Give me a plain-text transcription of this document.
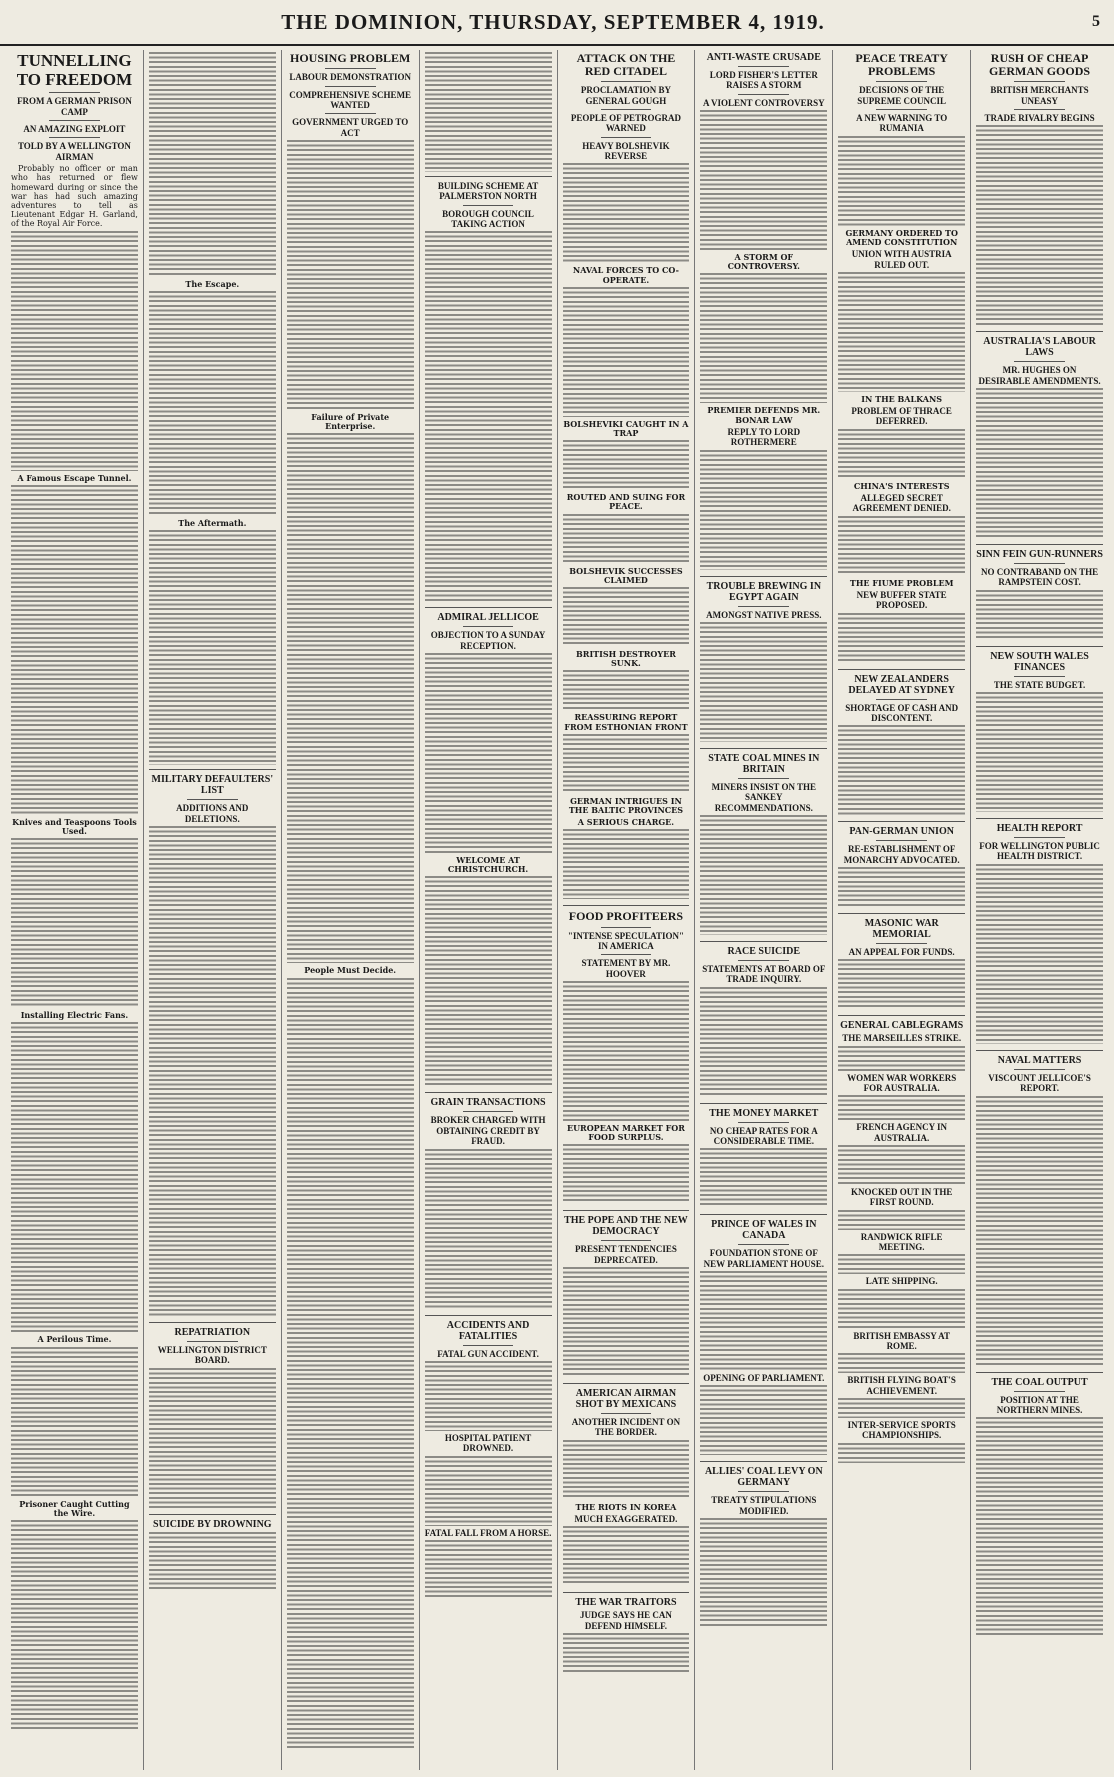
THE DOMINION, THURSDAY, SEPTEMBER 4, 1919.	5
TUNNELLING TO FREEDOM
FROM A GERMAN PRISON CAMP
AN AMAZING EXPLOIT
TOLD BY A WELLINGTON AIRMAN

Probably no officer or man who has returned or flew homeward during or since the war has had such amazing adventures to tell as Lieutenant Edgar H. Garland, of the Royal Air Force.

A Famous Escape Tunnel.
Knives and Teaspoons Tools Used.
Installing Electric Fans.
A Perilous Time.
Prisoner Caught Cutting the Wire.
The Escape.
The Aftermath.
MILITARY DEFAULTERS' LIST
ADDITIONS AND DELETIONS.
REPATRIATION
WELLINGTON DISTRICT BOARD.
SUICIDE BY DROWNING
HOUSING PROBLEM
LABOUR DEMONSTRATION
COMPREHENSIVE SCHEME WANTED
GOVERNMENT URGED TO ACT
Failure of Private Enterprise.
People Must Decide.
BUILDING SCHEME AT PALMERSTON NORTH
BOROUGH COUNCIL TAKING ACTION
ADMIRAL JELLICOE
OBJECTION TO A SUNDAY RECEPTION.
WELCOME AT CHRISTCHURCH.
GRAIN TRANSACTIONS
BROKER CHARGED WITH OBTAINING CREDIT BY FRAUD.
ACCIDENTS AND FATALITIES
FATAL GUN ACCIDENT.
HOSPITAL PATIENT DROWNED.
FATAL FALL FROM A HORSE.
ATTACK ON THE RED CITADEL
PROCLAMATION BY GENERAL GOUGH
PEOPLE OF PETROGRAD WARNED
HEAVY BOLSHEVIK REVERSE
NAVAL FORCES TO CO-OPERATE.
BOLSHEVIKI CAUGHT IN A TRAP
ROUTED AND SUING FOR PEACE.
BOLSHEVIK SUCCESSES CLAIMED
BRITISH DESTROYER SUNK.
REASSURING REPORT FROM ESTHONIAN FRONT
GERMAN INTRIGUES IN THE BALTIC PROVINCES
A SERIOUS CHARGE.
FOOD PROFITEERS
"INTENSE SPECULATION" IN AMERICA
STATEMENT BY MR. HOOVER
EUROPEAN MARKET FOR FOOD SURPLUS.
THE POPE AND THE NEW DEMOCRACY
PRESENT TENDENCIES DEPRECATED.
AMERICAN AIRMAN SHOT BY MEXICANS
ANOTHER INCIDENT ON THE BORDER.
THE RIOTS IN KOREA
MUCH EXAGGERATED.
THE WAR TRAITORS
JUDGE SAYS HE CAN DEFEND HIMSELF.
ANTI-WASTE CRUSADE
LORD FISHER'S LETTER RAISES A STORM
A VIOLENT CONTROVERSY
A STORM OF CONTROVERSY.
PREMIER DEFENDS MR. BONAR LAW
REPLY TO LORD ROTHERMERE
TROUBLE BREWING IN EGYPT AGAIN
AMONGST NATIVE PRESS.
STATE COAL MINES IN BRITAIN
MINERS INSIST ON THE SANKEY RECOMMENDATIONS.
RACE SUICIDE
STATEMENTS AT BOARD OF TRADE INQUIRY.
THE MONEY MARKET
NO CHEAP RATES FOR A CONSIDERABLE TIME.
PRINCE OF WALES IN CANADA
FOUNDATION STONE OF NEW PARLIAMENT HOUSE.
OPENING OF PARLIAMENT.
ALLIES' COAL LEVY ON GERMANY
TREATY STIPULATIONS MODIFIED.
PEACE TREATY PROBLEMS
DECISIONS OF THE SUPREME COUNCIL
A NEW WARNING TO RUMANIA
GERMANY ORDERED TO AMEND CONSTITUTION
UNION WITH AUSTRIA RULED OUT.
IN THE BALKANS
PROBLEM OF THRACE DEFERRED.
CHINA'S INTERESTS
ALLEGED SECRET AGREEMENT DENIED.
THE FIUME PROBLEM
NEW BUFFER STATE PROPOSED.
NEW ZEALANDERS DELAYED AT SYDNEY
SHORTAGE OF CASH AND DISCONTENT.
PAN-GERMAN UNION
RE-ESTABLISHMENT OF MONARCHY ADVOCATED.
MASONIC WAR MEMORIAL
AN APPEAL FOR FUNDS.
GENERAL CABLEGRAMS
THE MARSEILLES STRIKE.
WOMEN WAR WORKERS FOR AUSTRALIA.
FRENCH AGENCY IN AUSTRALIA.
KNOCKED OUT IN THE FIRST ROUND.
RANDWICK RIFLE MEETING.
LATE SHIPPING.
BRITISH EMBASSY AT ROME.
BRITISH FLYING BOAT'S ACHIEVEMENT.
INTER-SERVICE SPORTS CHAMPIONSHIPS.
RUSH OF CHEAP GERMAN GOODS
BRITISH MERCHANTS UNEASY
TRADE RIVALRY BEGINS
AUSTRALIA'S LABOUR LAWS
MR. HUGHES ON DESIRABLE AMENDMENTS.
SINN FEIN GUN-RUNNERS
NO CONTRABAND ON THE RAMPSTEIN COST.
NEW SOUTH WALES FINANCES
THE STATE BUDGET.
HEALTH REPORT
FOR WELLINGTON PUBLIC HEALTH DISTRICT.
NAVAL MATTERS
VISCOUNT JELLICOE'S REPORT.
THE COAL OUTPUT
POSITION AT THE NORTHERN MINES.
